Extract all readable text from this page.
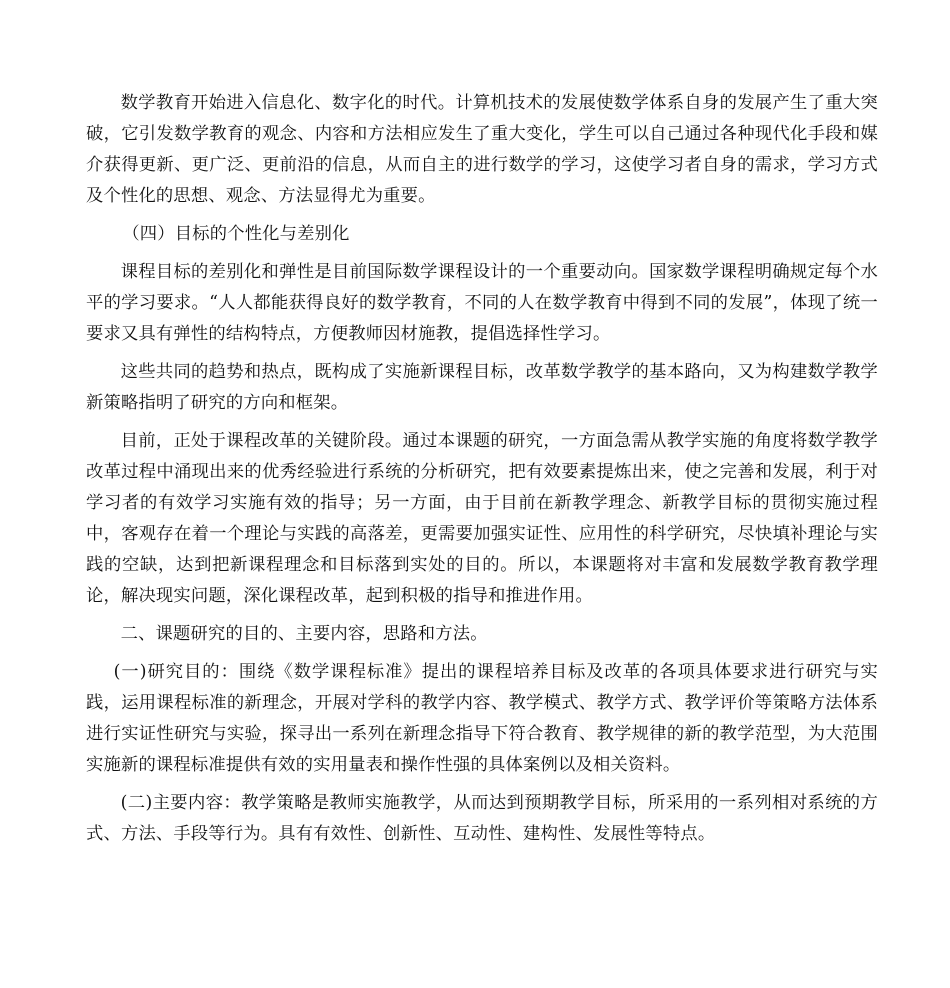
数学教育开始进入信息化、数字化的时代。计算机技术的发展使数学体系自身的发展产生了重大突破，它引发数学教育的观念、内容和方法相应发生了重大变化，学生可以自己通过各种现代化手段和媒介获得更新、更广泛、更前沿的信息，从而自主的进行数学的学习，这使学习者自身的需求，学习方式及个性化的思想、观念、方法显得尤为重要。

（四）目标的个性化与差别化

课程目标的差别化和弹性是目前国际数学课程设计的一个重要动向。国家数学课程明确规定每个水平的学习要求。“人人都能获得良好的数学教育，不同的人在数学教育中得到不同的发展”，体现了统一要求又具有弹性的结构特点，方便教师因材施教，提倡选择性学习。

这些共同的趋势和热点，既构成了实施新课程目标，改革数学教学的基本路向，又为构建数学教学新策略指明了研究的方向和框架。

目前，正处于课程改革的关键阶段。通过本课题的研究，一方面急需从教学实施的角度将数学教学改革过程中涌现出来的优秀经验进行系统的分析研究，把有效要素提炼出来，使之完善和发展，利于对学习者的有效学习实施有效的指导；另一方面，由于目前在新教学理念、新教学目标的贯彻实施过程中，客观存在着一个理论与实践的高落差，更需要加强实证性、应用性的科学研究，尽快填补理论与实践的空缺，达到把新课程理念和目标落到实处的目的。所以，本课题将对丰富和发展数学教育教学理论，解决现实问题，深化课程改革，起到积极的指导和推进作用。

二、课题研究的目的、主要内容，思路和方法。

(一)研究目的：围绕《数学课程标准》提出的课程培养目标及改革的各项具体要求进行研究与实践，运用课程标准的新理念，开展对学科的教学内容、教学模式、教学方式、教学评价等策略方法体系进行实证性研究与实验，探寻出一系列在新理念指导下符合教育、教学规律的新的教学范型，为大范围实施新的课程标准提供有效的实用量表和操作性强的具体案例以及相关资料。

(二)主要内容：教学策略是教师实施教学，从而达到预期教学目标，所采用的一系列相对系统的方式、方法、手段等行为。具有有效性、创新性、互动性、建构性、发展性等特点。
